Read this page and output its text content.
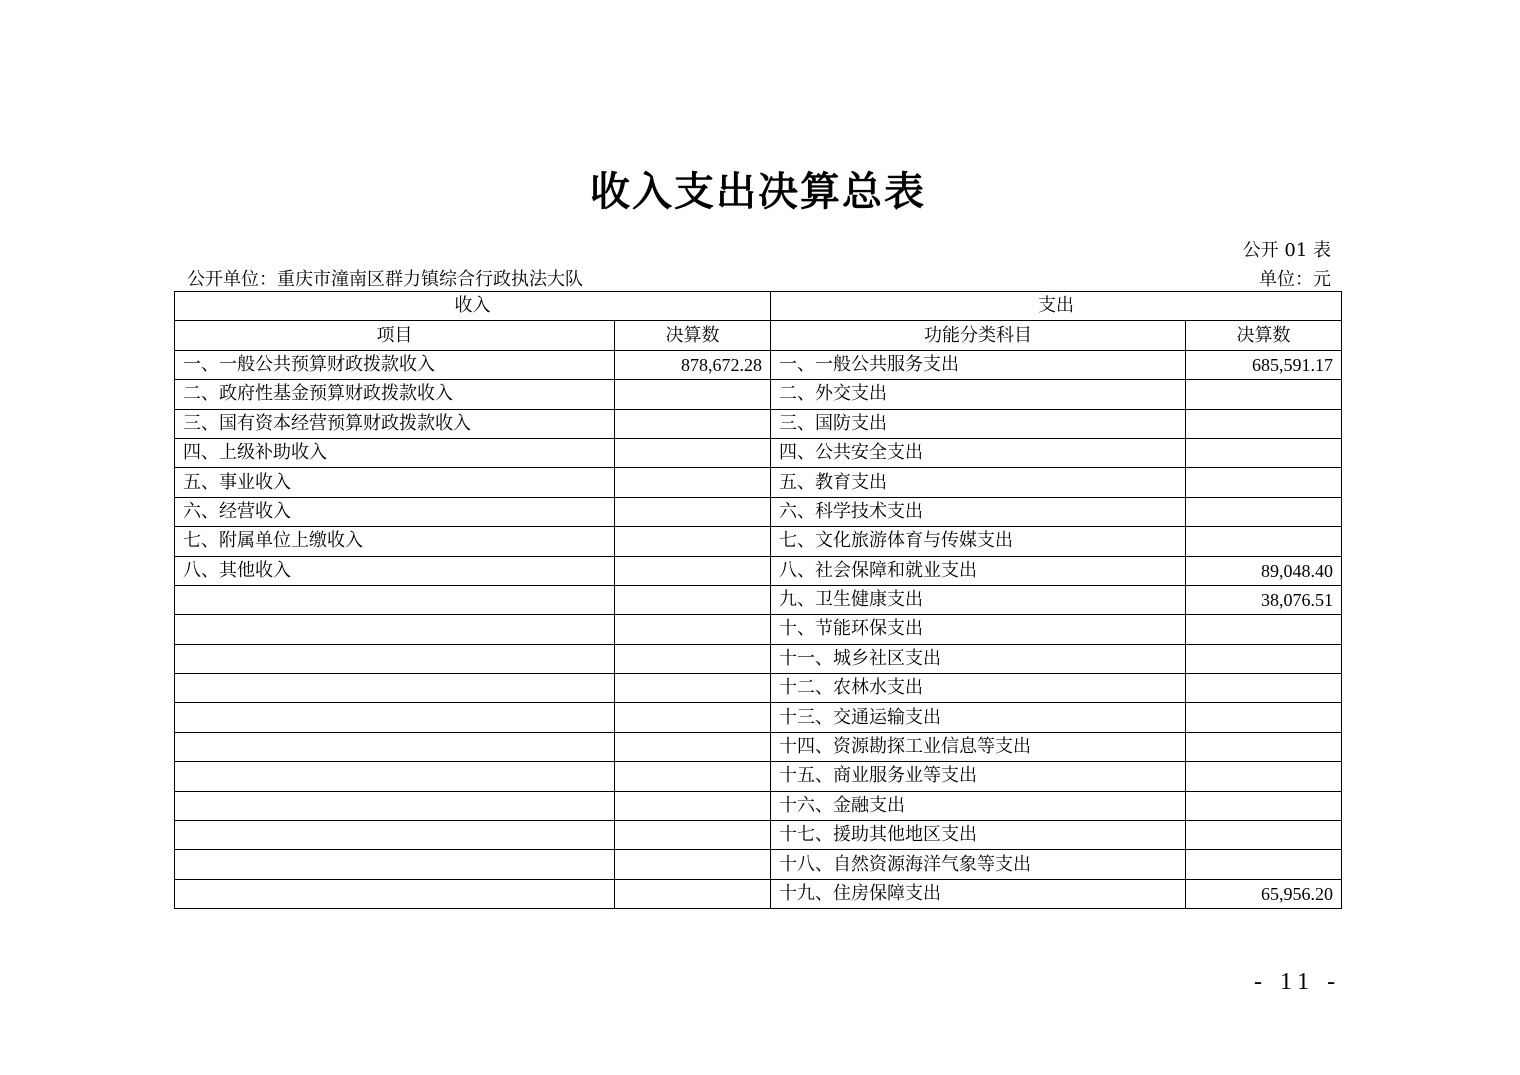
收入支出决算总表
公开 01 表
公开单位：重庆市潼南区群力镇综合行政执法大队	单位：元
收入		支出	
项目	决算数	功能分类科目	决算数
一、一般公共预算财政拨款收入	878,672.28	一、一般公共服务支出	685,591.17
二、政府性基金预算财政拨款收入		二、外交支出	
三、国有资本经营预算财政拨款收入		三、国防支出	
四、上级补助收入		四、公共安全支出	
五、事业收入		五、教育支出	
六、经营收入		六、科学技术支出	
七、附属单位上缴收入		七、文化旅游体育与传媒支出	
八、其他收入		八、社会保障和就业支出	89,048.40
		九、卫生健康支出	38,076.51
		十、节能环保支出	
		十一、城乡社区支出	
		十二、农林水支出	
		十三、交通运输支出	
		十四、资源勘探工业信息等支出	
		十五、商业服务业等支出	
		十六、金融支出	
		十七、援助其他地区支出	
		十八、自然资源海洋气象等支出	
		十九、住房保障支出	65,956.20
- 11 -
